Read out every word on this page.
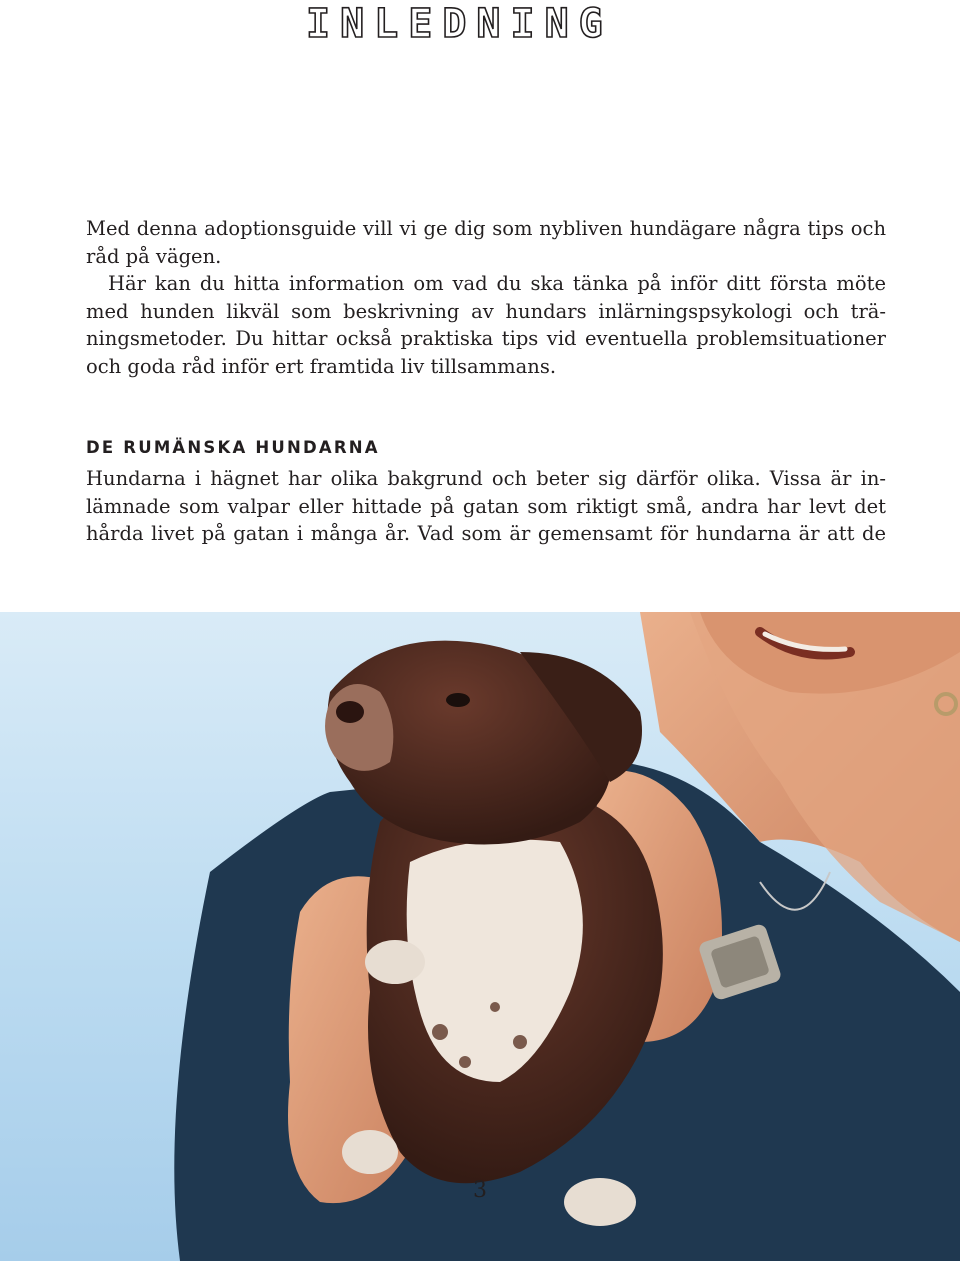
INLEDNING
Med denna adoptionsguide vill vi ge dig som nybliven hundägare några tips och
råd på vägen.
Här kan du hitta information om vad du ska tänka på inför ditt första möte
med hunden likväl som beskrivning av hundars inlärningspsykologi och trä-
ningsmetoder. Du hittar också praktiska tips vid eventuella problemsituationer
och goda råd inför ert framtida liv tillsammans.
DE RUMÄNSKA HUNDARNA
Hundarna i hägnet har olika bakgrund och beter sig därför olika. Vissa är in-
lämnade som valpar eller hittade på gatan som riktigt små, andra har levt det
hårda livet på gatan i många år. Vad som är gemensamt för hundarna är att de
3
